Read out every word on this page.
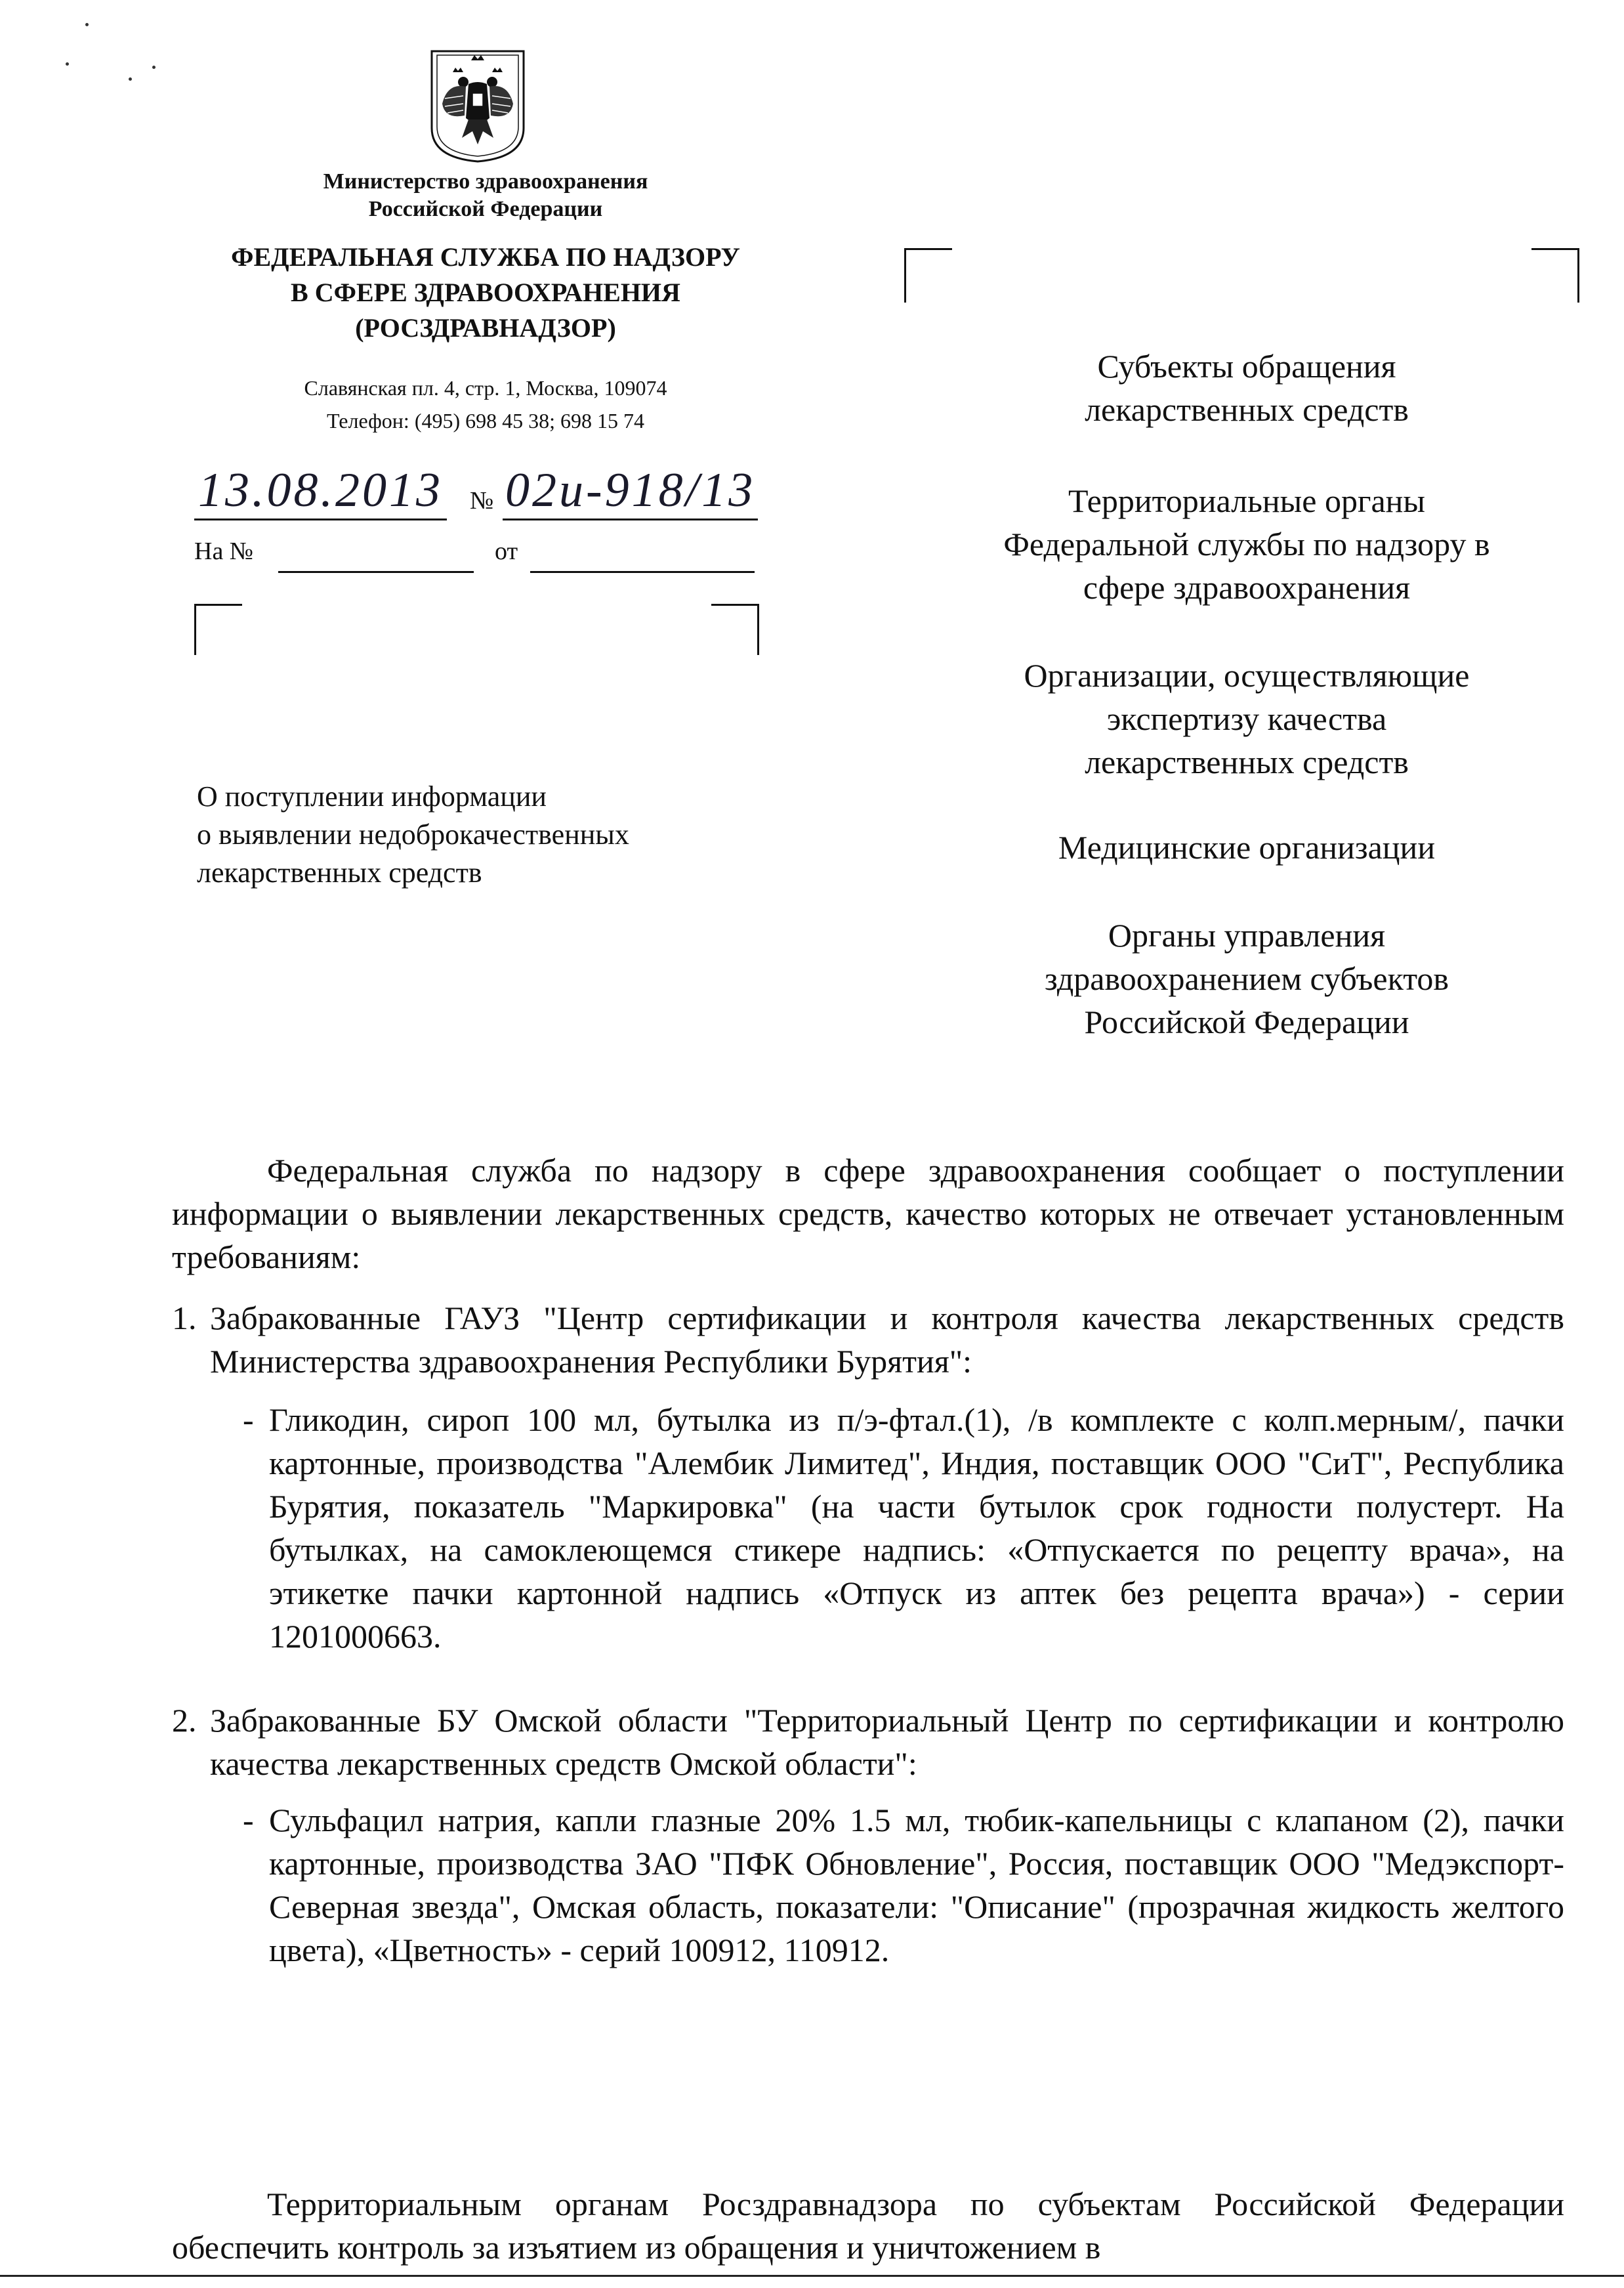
Министерство здравоохранения
Российской Федерации
ФЕДЕРАЛЬНАЯ СЛУЖБА ПО НАДЗОРУ
В СФЕРЕ ЗДРАВООХРАНЕНИЯ
(РОСЗДРАВНАДЗОР)
Славянская пл. 4, стр. 1, Москва, 109074
Телефон: (495) 698 45 38; 698 15 74
13.08.2013 № 02и-918/13
На №	от
О поступлении информации
о выявлении недоброкачественных
лекарственных средств
Субъекты обращения
лекарственных средств
Территориальные органы
Федеральной службы по надзору в
сфере здравоохранения
Организации, осуществляющие
экспертизу качества
лекарственных средств
Медицинские организации
Органы управления
здравоохранением субъектов
Российской Федерации
Федеральная служба по надзору в сфере здравоохранения сообщает о поступлении информации о выявлении лекарственных средств, качество которых не отвечает установленным требованиям:
1. Забракованные ГАУЗ "Центр сертификации и контроля качества лекарственных средств Министерства здравоохранения Республики Бурятия":
- Гликодин, сироп 100 мл, бутылка из п/э-фтал.(1), /в комплекте с колп.мерным/, пачки картонные, производства "Алембик Лимитед", Индия, поставщик ООО "СиТ", Республика Бурятия, показатель "Маркировка" (на части бутылок срок годности полустерт. На бутылках, на самоклеющемся стикере надпись: «Отпускается по рецепту врача», на этикетке пачки картонной надпись «Отпуск из аптек без рецепта врача») - серии 1201000663.
2. Забракованные БУ Омской области "Территориальный Центр по сертификации и контролю качества лекарственных средств Омской области":
- Сульфацил натрия, капли глазные 20% 1.5 мл, тюбик-капельницы с клапаном (2), пачки картонные, производства ЗАО "ПФК Обновление", Россия, поставщик ООО "Медэкспорт-Северная звезда", Омская область, показатели: "Описание" (прозрачная жидкость желтого цвета), «Цветность» - серий 100912, 110912.
Территориальным органам Росздравнадзора по субъектам Российской Федерации обеспечить контроль за изъятием из обращения и уничтожением в
